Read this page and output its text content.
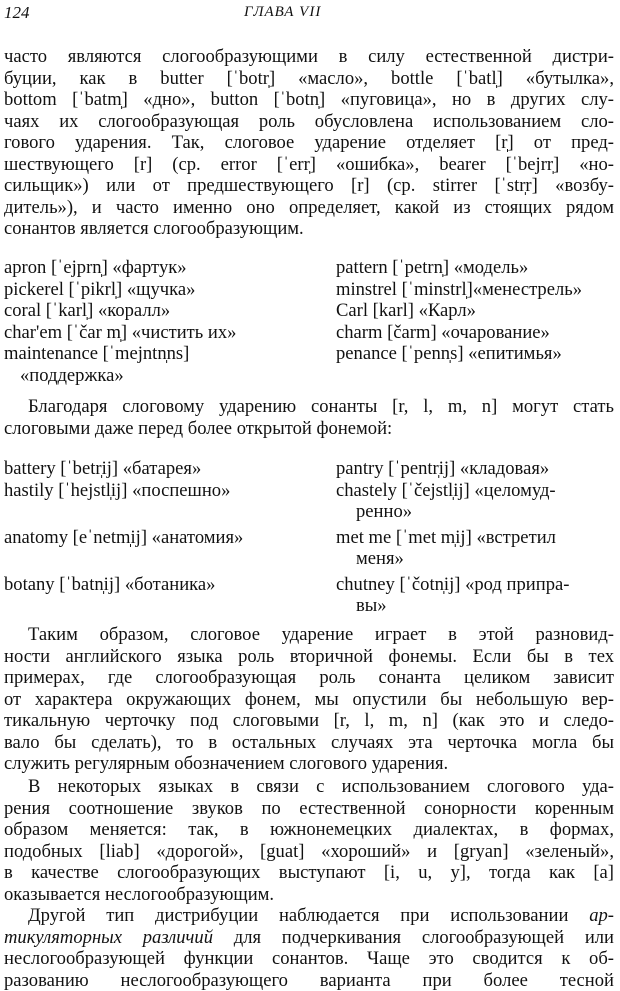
124	ГЛАВА VII
часто являются слогообразующими в силу естественной дистри-
буции, как в butter [ˈbotr̩] «масло», bottle [ˈbatl̩] «бутылка»,
bottom [ˈbatm̩] «дно», button [ˈbotn̩] «пуговица», но в других слу-
чаях их слогообразующая роль обусловлена использованием сло-
гового ударения. Так, слоговое ударение отделяет [r̩] от пред-
шествующего [r] (ср. error [ˈerr̩] «ошибка», bearer [ˈbejrr̩] «но-
сильщик») или от предшествующего [r] (ср. stirrer [ˈstr̩r] «возбу-
дитель»), и часто именно оно определяет, какой из стоящих рядом
сонантов является слогообразующим.
apron [ˈejprn̩] «фартук»	pattern [ˈpetrn̩] «модель»
pickerel [ˈpikrl̩] «щучка»	minstrel [ˈminstrl̩]«менестрель»
coral [ˈkarl̩] «коралл»	Carl [karl] «Карл»
char'em [ˈčar m̩] «чистить их»	charm [čarm] «очарование»
maintenance [ˈmejntn̩ns]	penance [ˈpenn̩s] «епитимья»
«поддержка»
Благодаря слоговому ударению сонанты [r, l, m, n] могут стать
слоговыми даже перед более открытой фонемой:
battery [ˈbetr̩ij] «батарея»	pantry [ˈpentr̩ij] «кладовая»
hastily [ˈhejstl̩ij] «поспешно»	chastely [ˈčejstl̩ij] «целомуд-
ренно»
anatomy [eˈnetm̩ij] «анатомия»	met me [ˈmet m̩ij] «встретил
меня»
botany [ˈbatn̩ij] «ботаника»	chutney [ˈčotn̩ij] «род припра-
вы»
Таким образом, слоговое ударение играет в этой разновид-
ности английского языка роль вторичной фонемы. Если бы в тех
примерах, где слогообразующая роль сонанта целиком зависит
от характера окружающих фонем, мы опустили бы небольшую вер-
тикальную черточку под слоговыми [r, l, m, n] (как это и следо-
вало бы сделать), то в остальных случаях эта черточка могла бы
служить регулярным обозначением слогового ударения.
В некоторых языках в связи с использованием слогового уда-
рения соотношение звуков по естественной сонорности коренным
образом меняется: так, в южнонемецких диалектах, в формах,
подобных [liab] «дорогой», [guat] «хороший» и [gryan] «зеленый»,
в качестве слогообразующих выступают [i, u, y], тогда как [a]
оказывается неслогообразующим.
Другой тип дистрибуции наблюдается при использовании ар-
тикуляторных различий для подчеркивания слогообразующей или
неслогообразующей функции сонантов. Чаще это сводится к об-
разованию неслогообразующего варианта при более тесной
